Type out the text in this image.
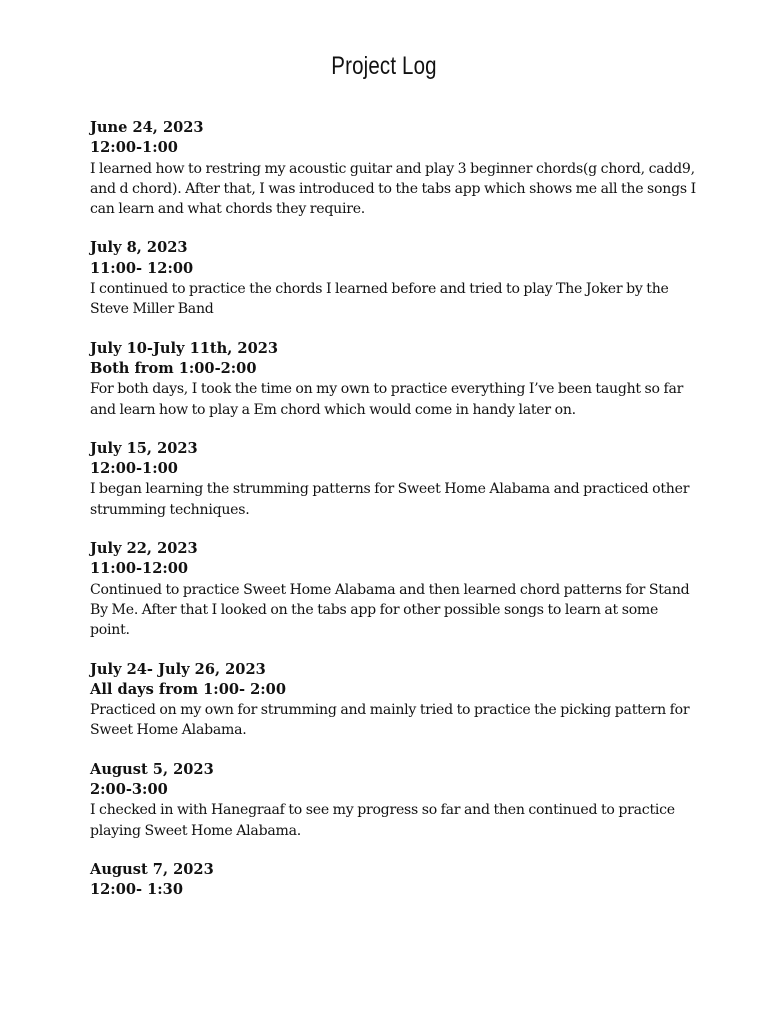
Project Log
June 24, 2023
12:00-1:00
I learned how to restring my acoustic guitar and play 3 beginner chords(g chord, cadd9,
and d chord). After that, I was introduced to the tabs app which shows me all the songs I
can learn and what chords they require.
July 8, 2023
11:00- 12:00
I continued to practice the chords I learned before and tried to play The Joker by the
Steve Miller Band
July 10-July 11th, 2023
Both from 1:00-2:00
For both days, I took the time on my own to practice everything I’ve been taught so far
and learn how to play a Em chord which would come in handy later on.
July 15, 2023
12:00-1:00
I began learning the strumming patterns for Sweet Home Alabama and practiced other
strumming techniques.
July 22, 2023
11:00-12:00
Continued to practice Sweet Home Alabama and then learned chord patterns for Stand
By Me. After that I looked on the tabs app for other possible songs to learn at some
point.
July 24- July 26, 2023
All days from 1:00- 2:00
Practiced on my own for strumming and mainly tried to practice the picking pattern for
Sweet Home Alabama.
August 5, 2023
2:00-3:00
I checked in with Hanegraaf to see my progress so far and then continued to practice
playing Sweet Home Alabama.
August 7, 2023
12:00- 1:30
